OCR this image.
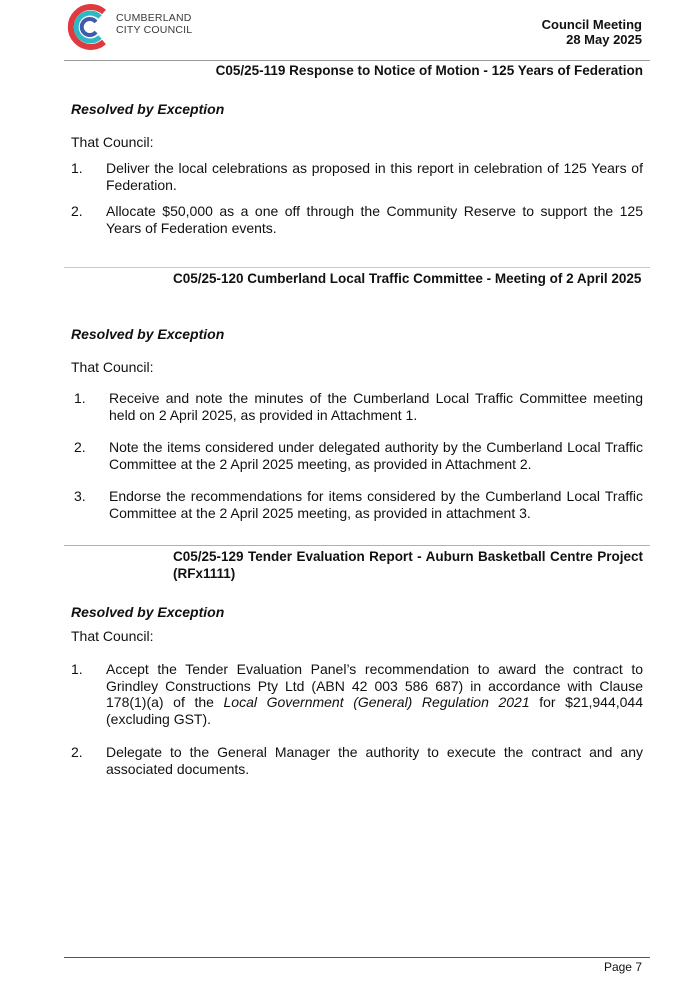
CUMBERLAND
CITY COUNCIL	Council Meeting
28 May 2025
C05/25-119 Response to Notice of Motion - 125 Years of Federation
Resolved by Exception
That Council:
1. Deliver the local celebrations as proposed in this report in celebration of 125 Years of Federation.
2. Allocate $50,000 as a one off through the Community Reserve to support the 125 Years of Federation events.
C05/25-120 Cumberland Local Traffic Committee - Meeting of 2 April 2025
Resolved by Exception
That Council:
1. Receive and note the minutes of the Cumberland Local Traffic Committee meeting held on 2 April 2025, as provided in Attachment 1.
2. Note the items considered under delegated authority by the Cumberland Local Traffic Committee at the 2 April 2025 meeting, as provided in Attachment 2.
3. Endorse the recommendations for items considered by the Cumberland Local Traffic Committee at the 2 April 2025 meeting, as provided in attachment 3.
C05/25-129 Tender Evaluation Report - Auburn Basketball Centre Project (RFx1111)
Resolved by Exception
That Council:
1. Accept the Tender Evaluation Panel’s recommendation to award the contract to Grindley Constructions Pty Ltd (ABN 42 003 586 687) in accordance with Clause 178(1)(a) of the Local Government (General) Regulation 2021 for $21,944,044 (excluding GST).
2. Delegate to the General Manager the authority to execute the contract and any associated documents.
Page 7
